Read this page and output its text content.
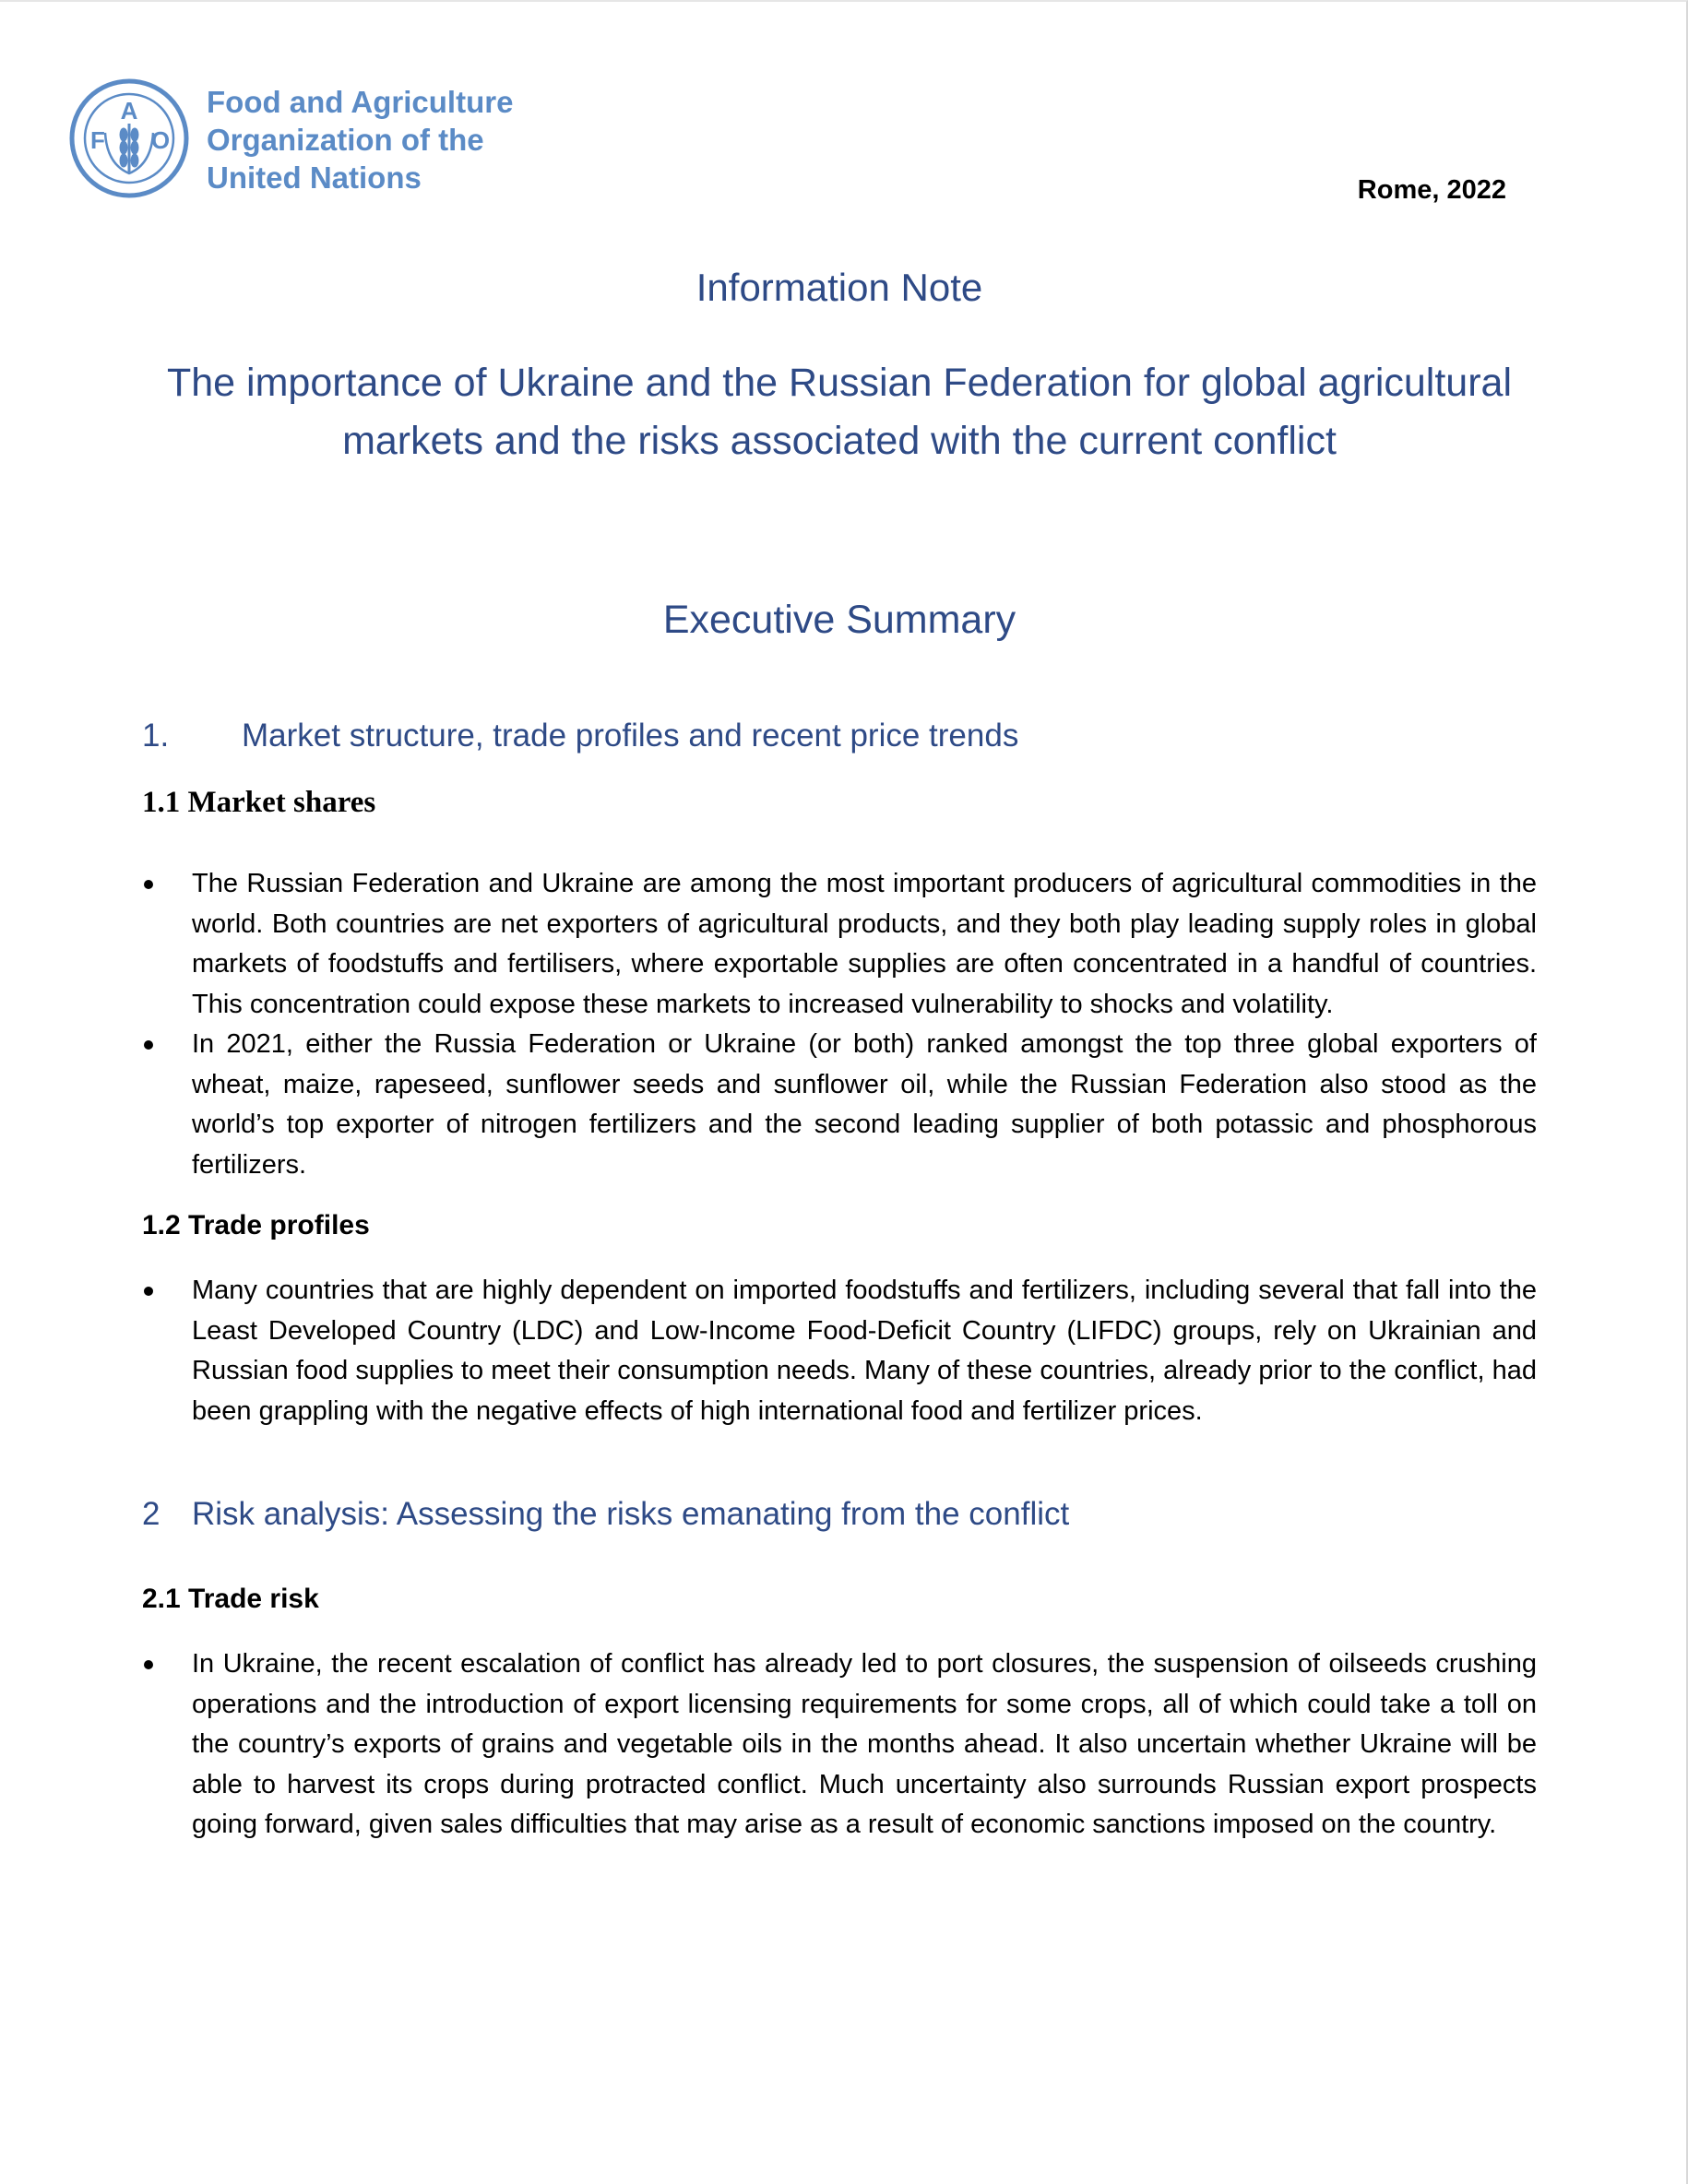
F
A
O
Food and Agriculture
Organization of the
United Nations	Rome, 2022
Information Note
The importance of Ukraine and the Russian Federation for global agricultural
markets and the risks associated with the current conflict
Executive Summary
1. Market structure, trade profiles and recent price trends
1.1 Market shares
The Russian Federation and Ukraine are among the most important producers of agricultural commodities in the world. Both countries are net exporters of agricultural products, and they both play leading supply roles in global markets of foodstuffs and fertilisers, where exportable supplies are often concentrated in a handful of countries. This concentration could expose these markets to increased vulnerability to shocks and volatility.
In 2021, either the Russia Federation or Ukraine (or both) ranked amongst the top three global exporters of wheat, maize, rapeseed, sunflower seeds and sunflower oil, while the Russian Federation also stood as the world’s top exporter of nitrogen fertilizers and the second leading supplier of both potassic and phosphorous fertilizers.
1.2 Trade profiles
Many countries that are highly dependent on imported foodstuffs and fertilizers, including several that fall into the Least Developed Country (LDC) and Low-Income Food-Deficit Country (LIFDC) groups, rely on Ukrainian and Russian food supplies to meet their consumption needs. Many of these countries, already prior to the conflict, had been grappling with the negative effects of high international food and fertilizer prices.
2 Risk analysis: Assessing the risks emanating from the conflict
2.1 Trade risk
In Ukraine, the recent escalation of conflict has already led to port closures, the suspension of oilseeds crushing operations and the introduction of export licensing requirements for some crops, all of which could take a toll on the country’s exports of grains and vegetable oils in the months ahead. It also uncertain whether Ukraine will be able to harvest its crops during protracted conflict. Much uncertainty also surrounds Russian export prospects going forward, given sales difficulties that may arise as a result of economic sanctions imposed on the country.
